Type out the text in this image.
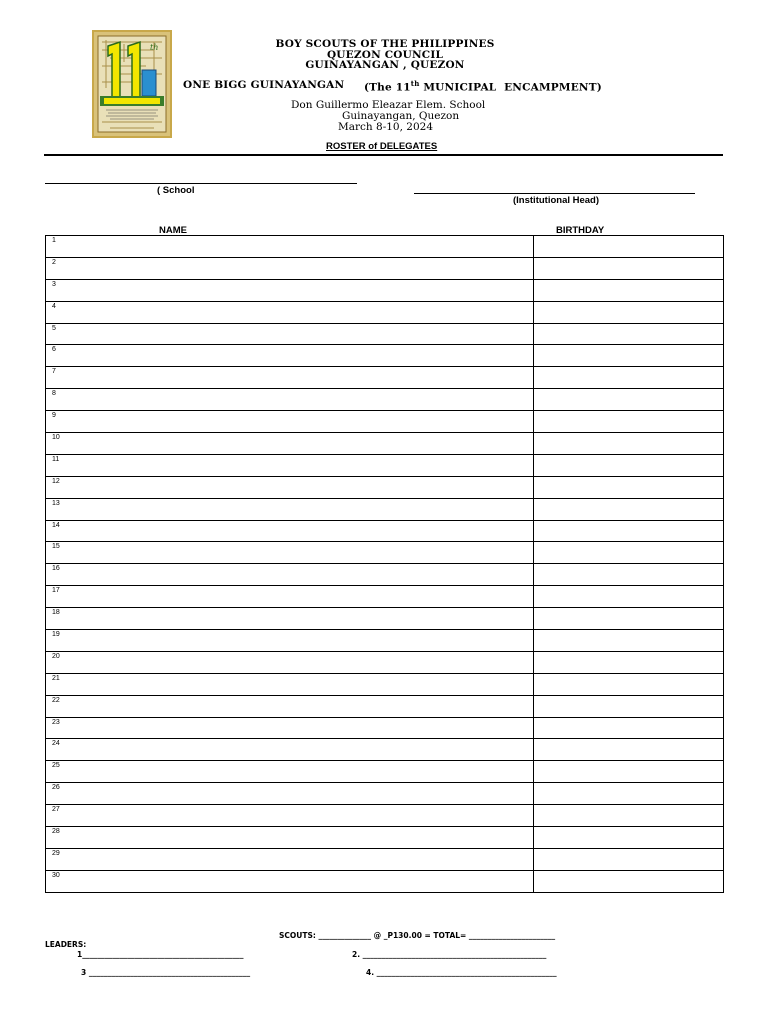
th	BOY SCOUTS OF THE PHILIPPINES
QUEZON COUNCIL
GUINAYANGAN , QUEZON
ONE BIGG GUINAYANGAN (The 11th MUNICIPAL  ENCAMPMENT)
Don Guillermo Eleazar Elem. School
Guinayangan, Quezon
March 8-10, 2024
ROSTER of DELEGATES
( School
(Institutional Head)
NAME	BIRTHDAY
1	

2	

3	

4	

5	

6	

7	

8	

9	

10	

11	

12	

13	

14	

15	

16	

17	

18	

19	

20	

21	

22	

23	

24	

25	

26	

27	

28	

29	

30	

SCOUTS: ______________ @ _P130.00 = TOTAL= _______________________
LEADERS:
1___________________________________________	2. _________________________________________________
3 ___________________________________________	4. ________________________________________________
